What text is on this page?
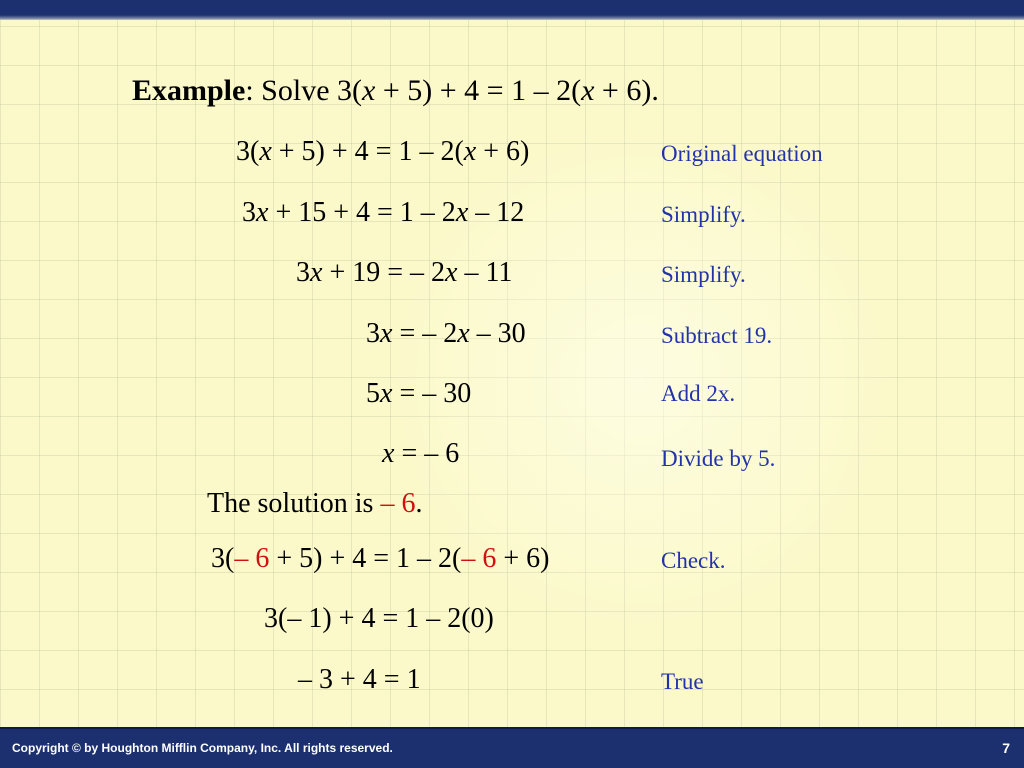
Example: Solve 3(x + 5) + 4 = 1 – 2(x + 6).
3(x + 5) + 4 = 1 – 2(x + 6)	Original equation
3x + 15 + 4 = 1 – 2x – 12	Simplify.
3x + 19 = – 2x – 11	Simplify.
3x = – 2x – 30	Subtract 19.
5x = – 30	Add 2x.
x = – 6	Divide by 5.
The solution is – 6.
3(– 6 + 5) + 4 = 1 – 2(– 6 + 6)	Check.
3(– 1) + 4 = 1 – 2(0)
– 3 + 4 = 1	True
Copyright © by Houghton Mifflin Company, Inc. All rights reserved.	7
